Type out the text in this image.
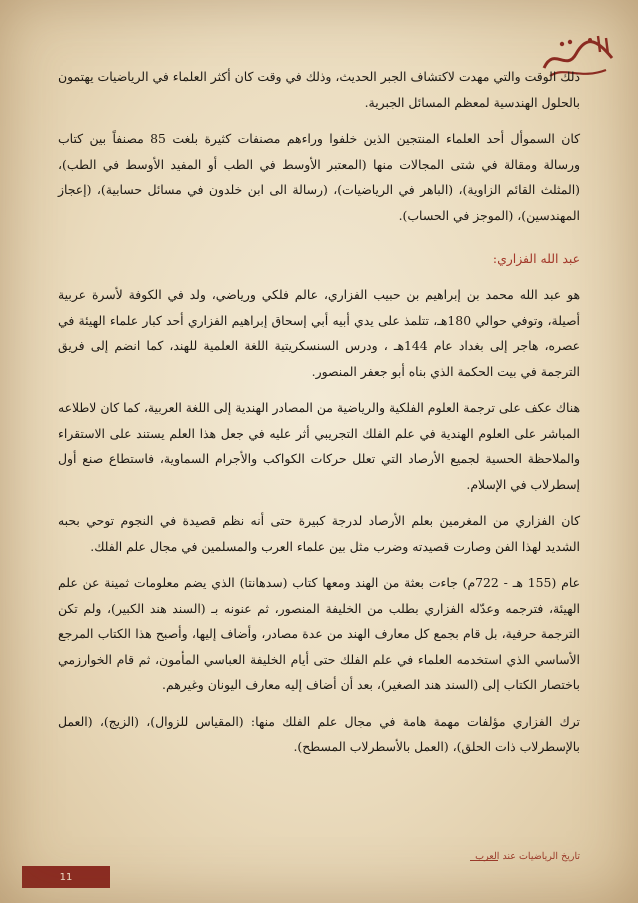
ذلك الوقت والتي مهدت لاكتشاف الجبر الحديث، وذلك في وقت كان أكثر العلماء في الرياضيات يهتمون بالحلول الهندسية لمعظم المسائل الجبرية.

كان السموأل أحد العلماء المنتجين الذين خلفوا وراءهم مصنفات كثيرة بلغت 85 مصنفاً بين كتاب ورسالة ومقالة في شتى المجالات منها (المعتبر الأوسط في الطب أو المفيد الأوسط في الطب)، (المثلث القائم الزاوية)، (الباهر في الرياضيات)، (رسالة الى ابن خلدون في مسائل حسابية)، (إعجاز المهندسين)، (الموجز في الحساب).

عبد الله الفزاري:

هو عبد الله محمد بن إبراهيم بن حبيب الفزاري، عالم فلكي ورياضي، ولد في الكوفة لأسرة عربية أصيلة، وتوفي حوالي 180هـ، تتلمذ على يدي أبيه أبي إسحاق إبراهيم الفزاري أحد كبار علماء الهيئة في عصره، هاجر إلى بغداد عام 144هـ ، ودرس السنسكريتية اللغة العلمية للهند، كما انضم إلى فريق الترجمة في بيت الحكمة الذي بناه أبو جعفر المنصور.

هناك عكف على ترجمة العلوم الفلكية والرياضية من المصادر الهندية إلى اللغة العربية، كما كان لاطلاعه المباشر على العلوم الهندية في علم الفلك التجريبي أثر عليه في جعل هذا العلم يستند على الاستقراء والملاحظة الحسية لجميع الأرصاد التي تعلل حركات الكواكب والأجرام السماوية، فاستطاع صنع أول إسطرلاب في الإسلام.

كان الفزاري من المغرمين بعلم الأرصاد لدرجة كبيرة حتى أنه نظم قصيدة في النجوم توحي بحبه الشديد لهذا الفن وصارت قصيدته وضرب مثل بين علماء العرب والمسلمين في مجال علم الفلك.

عام (155 هـ - 722م) جاءت بعثة من الهند ومعها كتاب (سدهانتا) الذي يضم معلومات ثمينة عن علم الهيئة، فترجمه وعدّله الفزاري بطلب من الخليفة المنصور، ثم عنونه بـ (السند هند الكبير)، ولم تكن الترجمة حرفية، بل قام بجمع كل معارف الهند من عدة مصادر، وأضاف إليها، وأصبح هذا الكتاب المرجع الأساسي الذي استخدمه العلماء في علم الفلك حتى أيام الخليفة العباسي المأمون، ثم قام الخوارزمي باختصار الكتاب إلى (السند هند الصغير)، بعد أن أضاف إليه معارف اليونان وغيرهم.

ترك الفزاري مؤلفات مهمة هامة في مجال علم الفلك منها: (المقياس للزوال)، (الزيج)، (العمل بالإسطرلاب ذات الحلق)، (العمل بالأسطرلاب المسطح).

تاريخ الرياضيات عند العرب
11
